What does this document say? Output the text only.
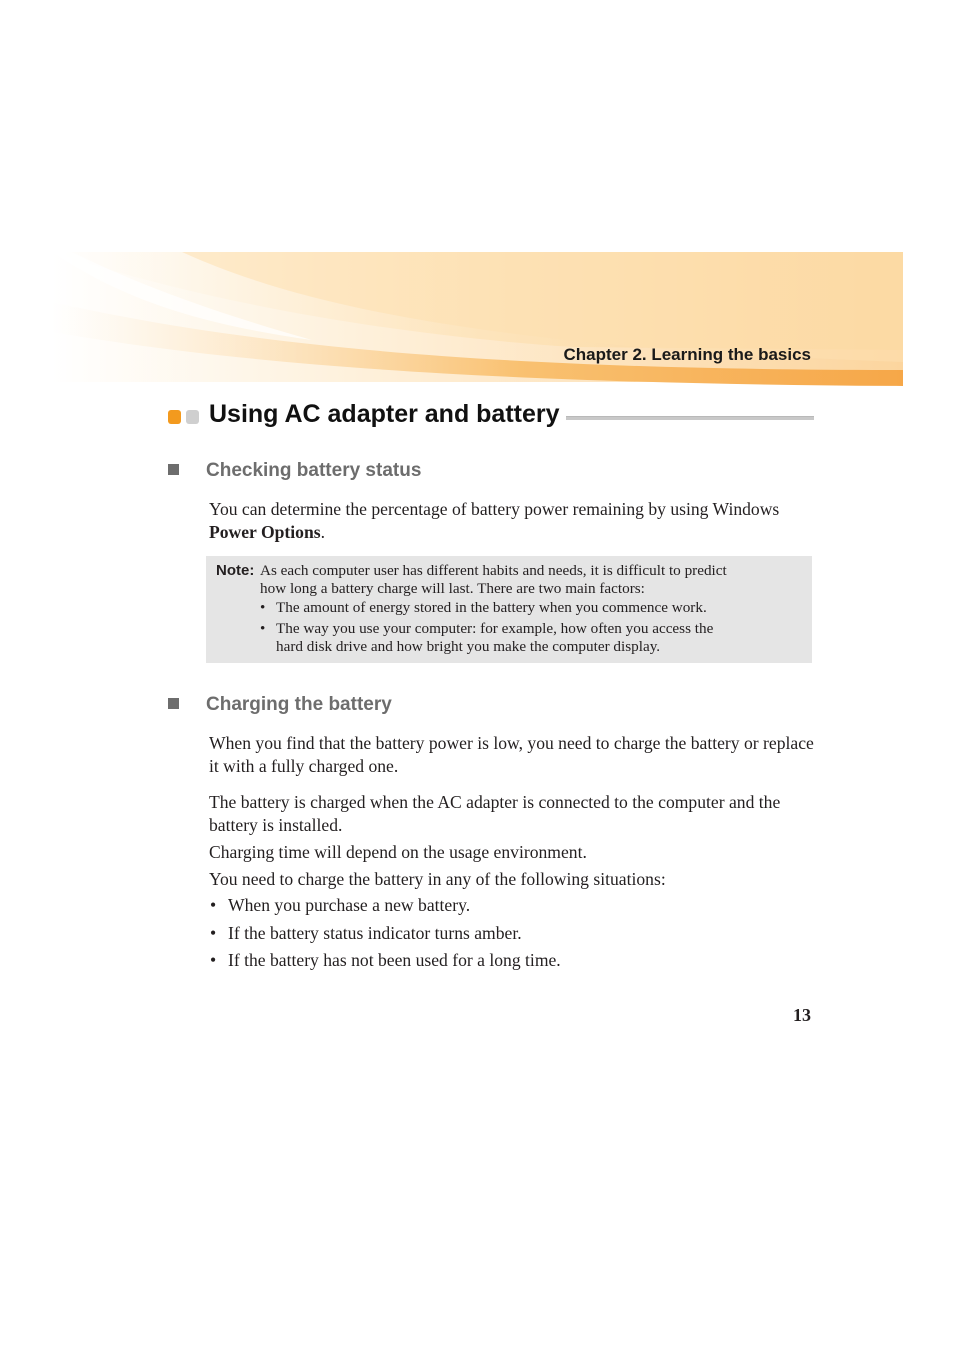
Chapter 2. Learning the basics
Using AC adapter and battery
Checking battery status
You can determine the percentage of battery power remaining by using Windows Power Options.
Note: As each computer user has different habits and needs, it is difficult to predict
how long a battery charge will last. There are two main factors:
• The amount of energy stored in the battery when you commence work.
• The way you use your computer: for example, how often you access the
hard disk drive and how bright you make the computer display.
Charging the battery
When you find that the battery power is low, you need to charge the battery or replace it with a fully charged one.
The battery is charged when the AC adapter is connected to the computer and the battery is installed.
Charging time will depend on the usage environment.
You need to charge the battery in any of the following situations:
• When you purchase a new battery.
• If the battery status indicator turns amber.
• If the battery has not been used for a long time.
13
